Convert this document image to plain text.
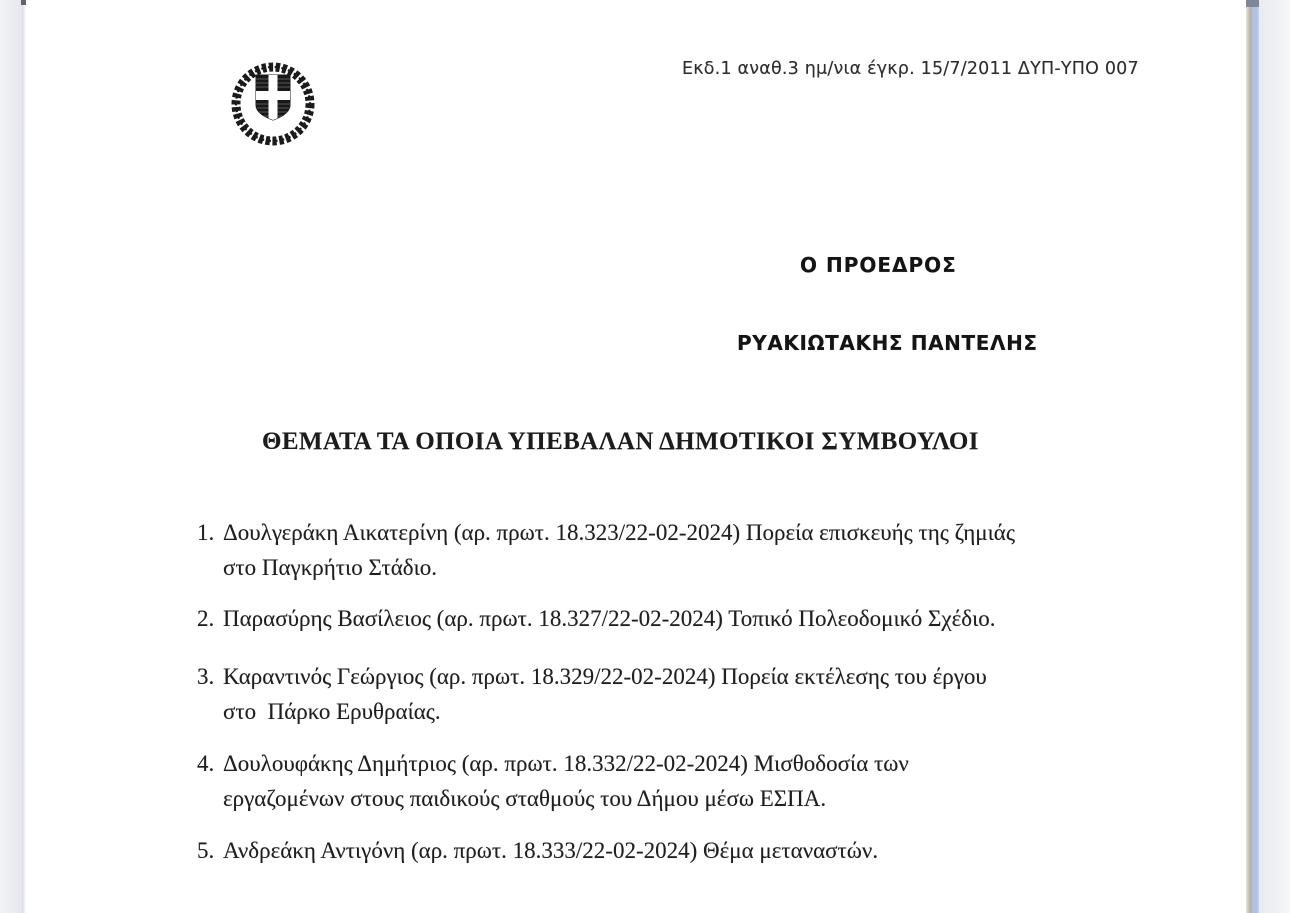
Εκδ.1 αναθ.3 ημ/νια έγκρ. 15/7/2011 ΔΥΠ-ΥΠΟ 007
Ο ΠΡΟΕΔΡΟΣ
ΡΥΑΚΙΩΤΑΚΗΣ ΠΑΝΤΕΛΗΣ
ΘΕΜΑΤΑ ΤΑ ΟΠΟΙΑ ΥΠΕΒΑΛΑΝ ΔΗΜΟΤΙΚΟΙ ΣΥΜΒΟΥΛΟΙ
1. Δουλγεράκη Αικατερίνη (αρ. πρωτ. 18.323/22-02-2024) Πορεία επισκευής της ζημιάς
στο Παγκρήτιο Στάδιο.
2. Παρασύρης Βασίλειος (αρ. πρωτ. 18.327/22-02-2024) Τοπικό Πολεοδομικό Σχέδιο.
3. Καραντινός Γεώργιος (αρ. πρωτ. 18.329/22-02-2024) Πορεία εκτέλεσης του έργου
στο  Πάρκο Ερυθραίας.
4. Δουλουφάκης Δημήτριος (αρ. πρωτ. 18.332/22-02-2024) Μισθοδοσία των
εργαζομένων στους παιδικούς σταθμούς του Δήμου μέσω ΕΣΠΑ.
5. Ανδρεάκη Αντιγόνη (αρ. πρωτ. 18.333/22-02-2024) Θέμα μεταναστών.
